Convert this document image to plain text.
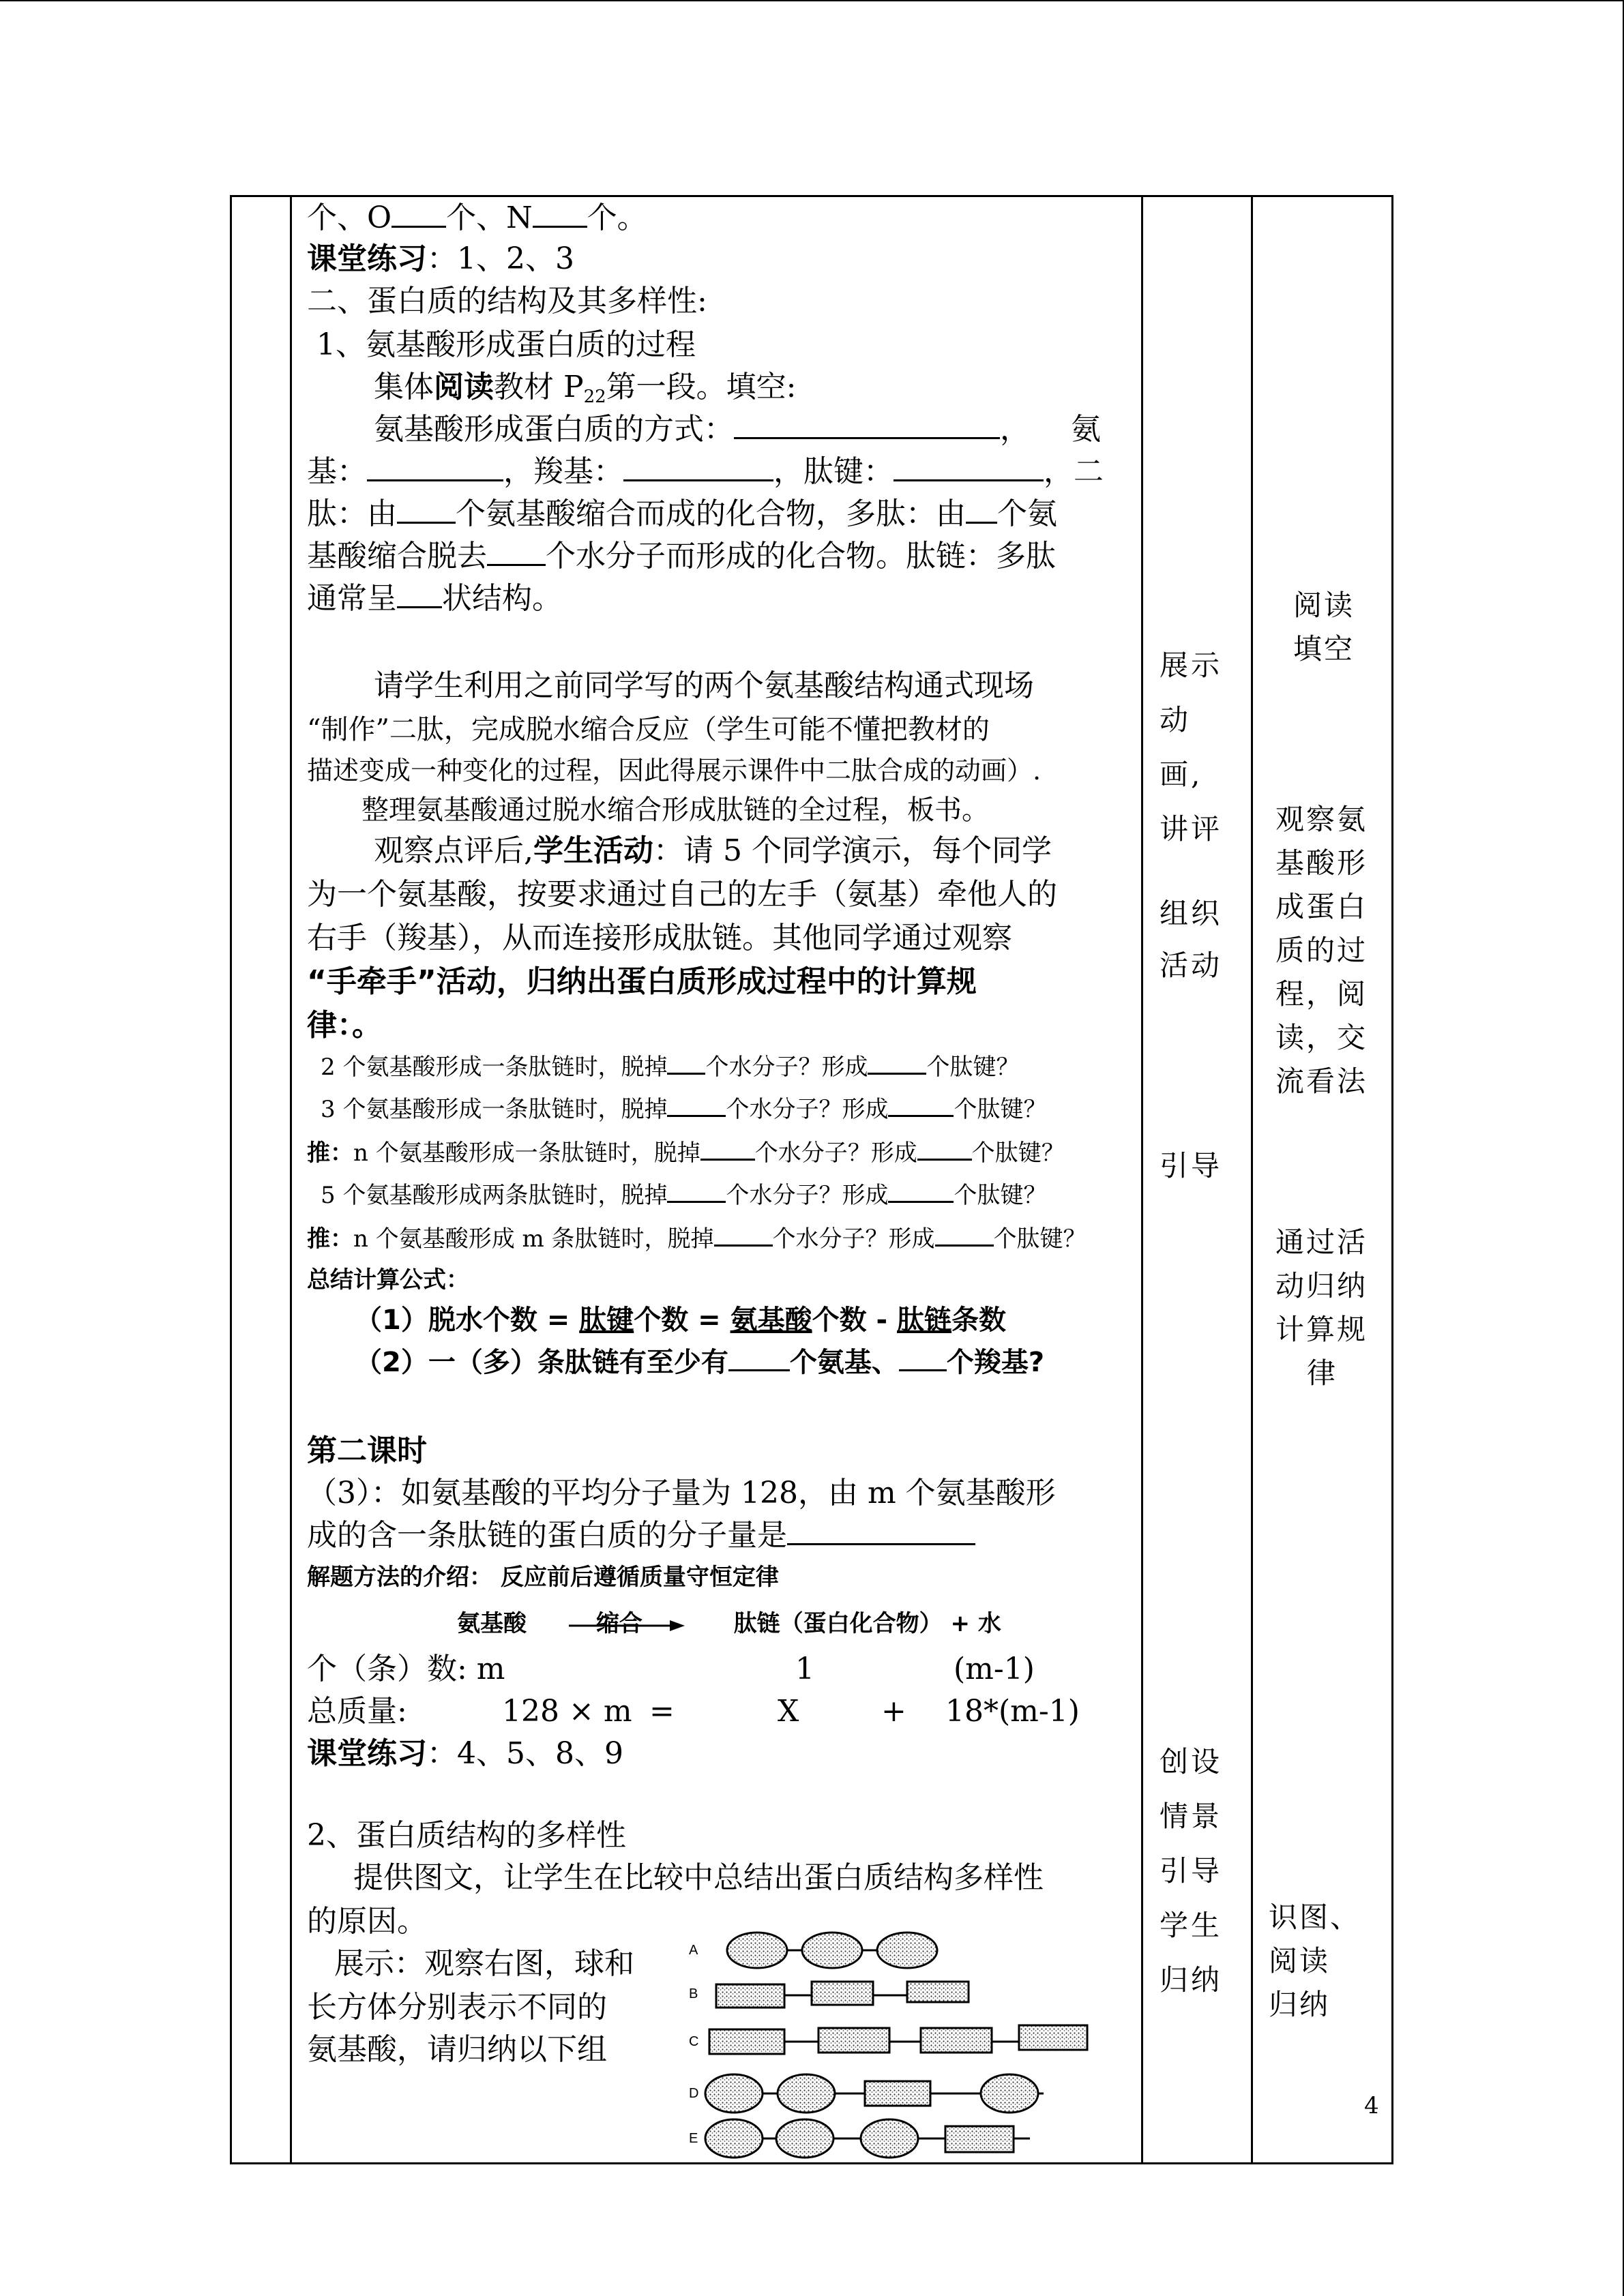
个、O 个、N 个。
课堂练习：1、2、3
二、蛋白质的结构及其多样性:
1、氨基酸形成蛋白质的过程
集体阅读教材 $P_{22}$第一段。填空:
氨基酸形成蛋白质的方式：	， 氨
基：	，羧基：	，肽键：	，二
肽：由 个氨基酸缩合而成的化合物，多肽：由 个氨
基酸缩合脱去 个水分子而形成的化合物。肽链：多肽
通常呈 状结构。
请学生利用之前同学写的两个氨基酸结构通式现场
“制作”二肽，完成脱水缩合反应（学生可能不懂把教材的
描述变成一种变化的过程，因此得展示课件中二肽合成的动画）.
整理氨基酸通过脱水缩合形成肽链的全过程，板书。
观察点评后,学生活动：请 5 个同学演示，每个同学
为一个氨基酸，按要求通过自己的左手（氨基）牵他人的
右手（羧基），从而连接形成肽链。其他同学通过观察
“手牵手”活动，归纳出蛋白质形成过程中的计算规
律：。
2 个氨基酸形成一条肽链时，脱掉 个水分子？形成	个肽键？
3 个氨基酸形成一条肽链时，脱掉	个水分子？形成	个肽键？
推：n 个氨基酸形成一条肽链时，脱掉 个水分子？形成 个肽键？
5 个氨基酸形成两条肽链时，脱掉	个水分子？形成	个肽键？
推：n 个氨基酸形成 m 条肽链时，脱掉	个水分子？形成	个肽键？
总结计算公式：
（1）脱水个数 = 肽键个数 = 氨基酸个数 - 肽链条数
（2）一（多）条肽链有至少有 个氨基、 个羧基?
第二课时
（3）：如氨基酸的平均分子量为 128，由 m 个氨基酸形
成的含一条肽链的蛋白质的分子量是
解题方法的介绍： 反应前后遵循质量守恒定律
氨基酸	缩合	肽链（蛋白化合物） + 水
个（条）数: m	1	(m-1)
总质量:	128 × m =	X	+ 18*(m-1)
课堂练习：4、5、8、9
2、蛋白质结构的多样性
提供图文，让学生在比较中总结出蛋白质结构多样性
的原因。
展示：观察右图，球和
长方体分别表示不同的
氨基酸，请归纳以下组
A
B
C
D
E
展示
动
画,
讲评
组织
活动
引导
创设
情景
引导
学生
归纳
阅读
填空
观察氨
基酸形
成蛋白
质的过
程，阅
读，交
流看法
通过活
动归纳
计算规
律
识图、
阅读
归纳
4
